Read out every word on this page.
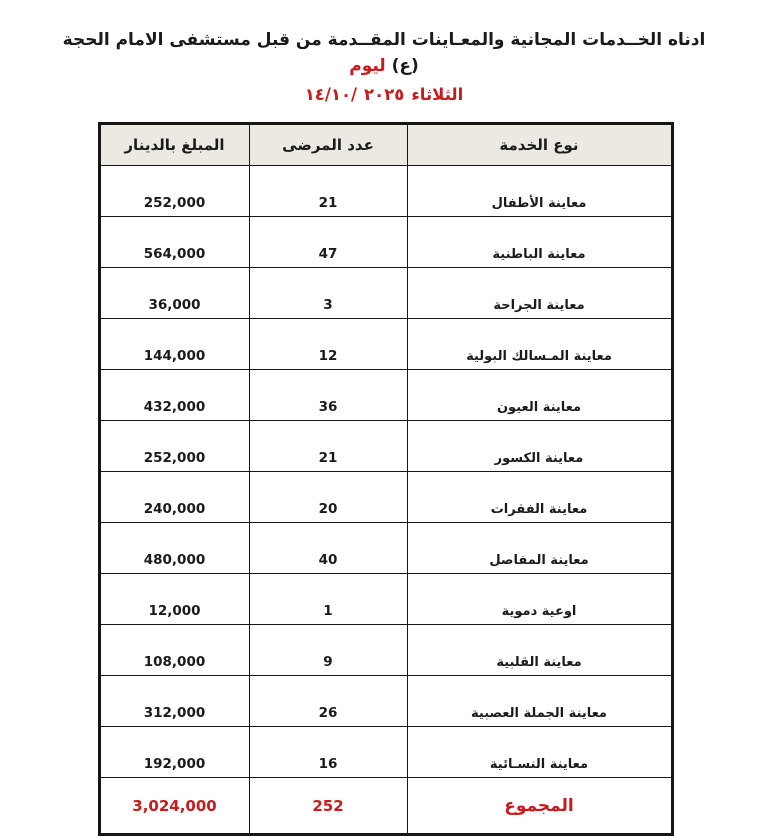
ادناه الخــدمات المجانية والمعـاينات المقــدمة من قبل مستشفى الامام الحجة (ع) ليوم
١٤/١٠/ ٢٠٢٥ الثلاثاء
المبلغ بالدينار	عدد المرضى	نوع الخدمة
252,000	21	معاينة الأطفال
564,000	47	معاينة الباطنية
36,000	3	معاينة الجراحة
144,000	12	معاينة المـسالك البولية
432,000	36	معاينة العيون
252,000	21	معاينة الكسور
240,000	20	معاينة الفقرات
480,000	40	معاينة المفاصل
12,000	1	اوعية دموية
108,000	9	معاينة القلبية
312,000	26	معاينة الجملة العصبية
192,000	16	معاينة النسـائية
3,024,000	252	المجموع
